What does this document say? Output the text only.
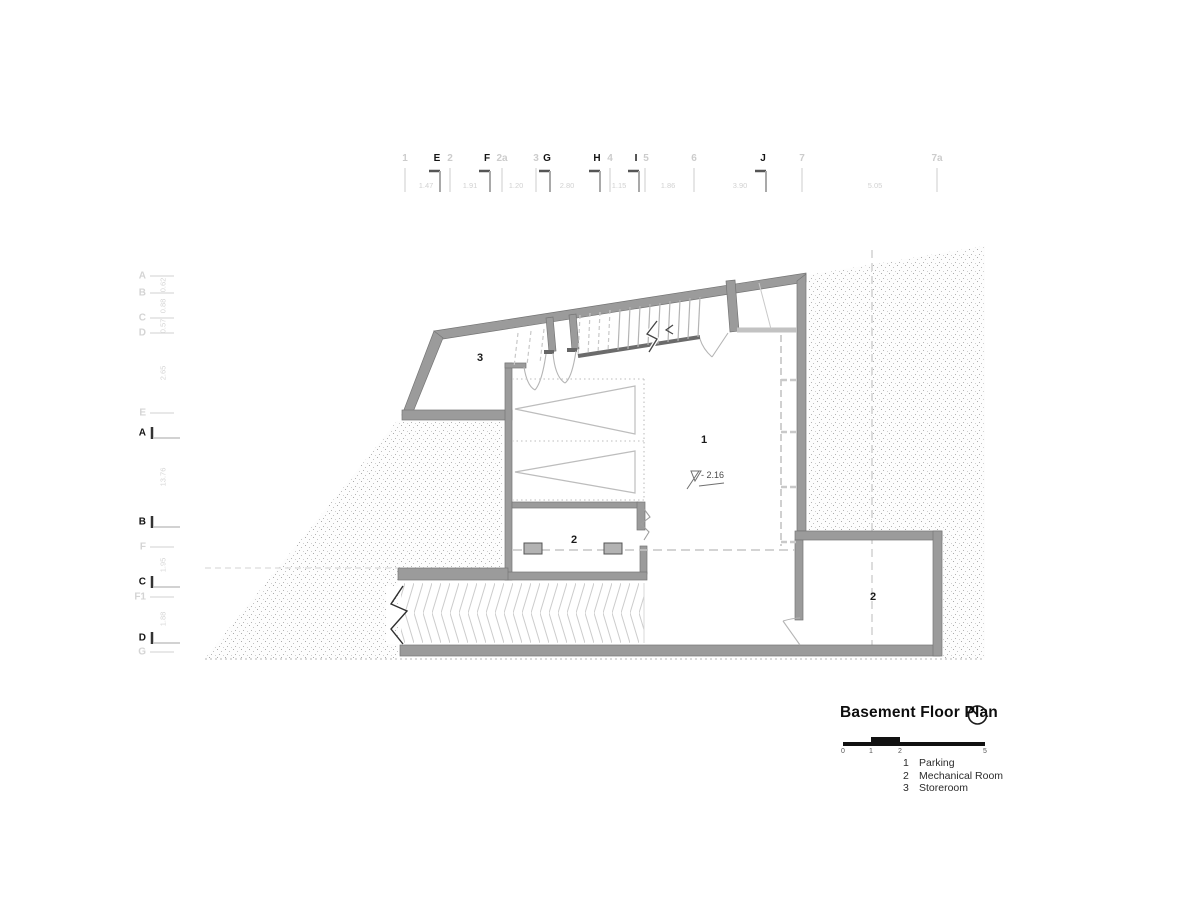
1	E 2	F 2a	3 G	H 4 I 5	6	J	7	7a
1.47	1.91	1.20	2.80	1.15	1.86	3.90	5.05
A
B
C
D
E
A
B
F
C
F1
D
G
0.62
0.88
0.57
2.65
13.76
1.95
1.88
3
1
2
2
- 2.16
Basement Floor Plan
0	1	2	5
1 Parking
2 Mechanical Room
3 Storeroom
